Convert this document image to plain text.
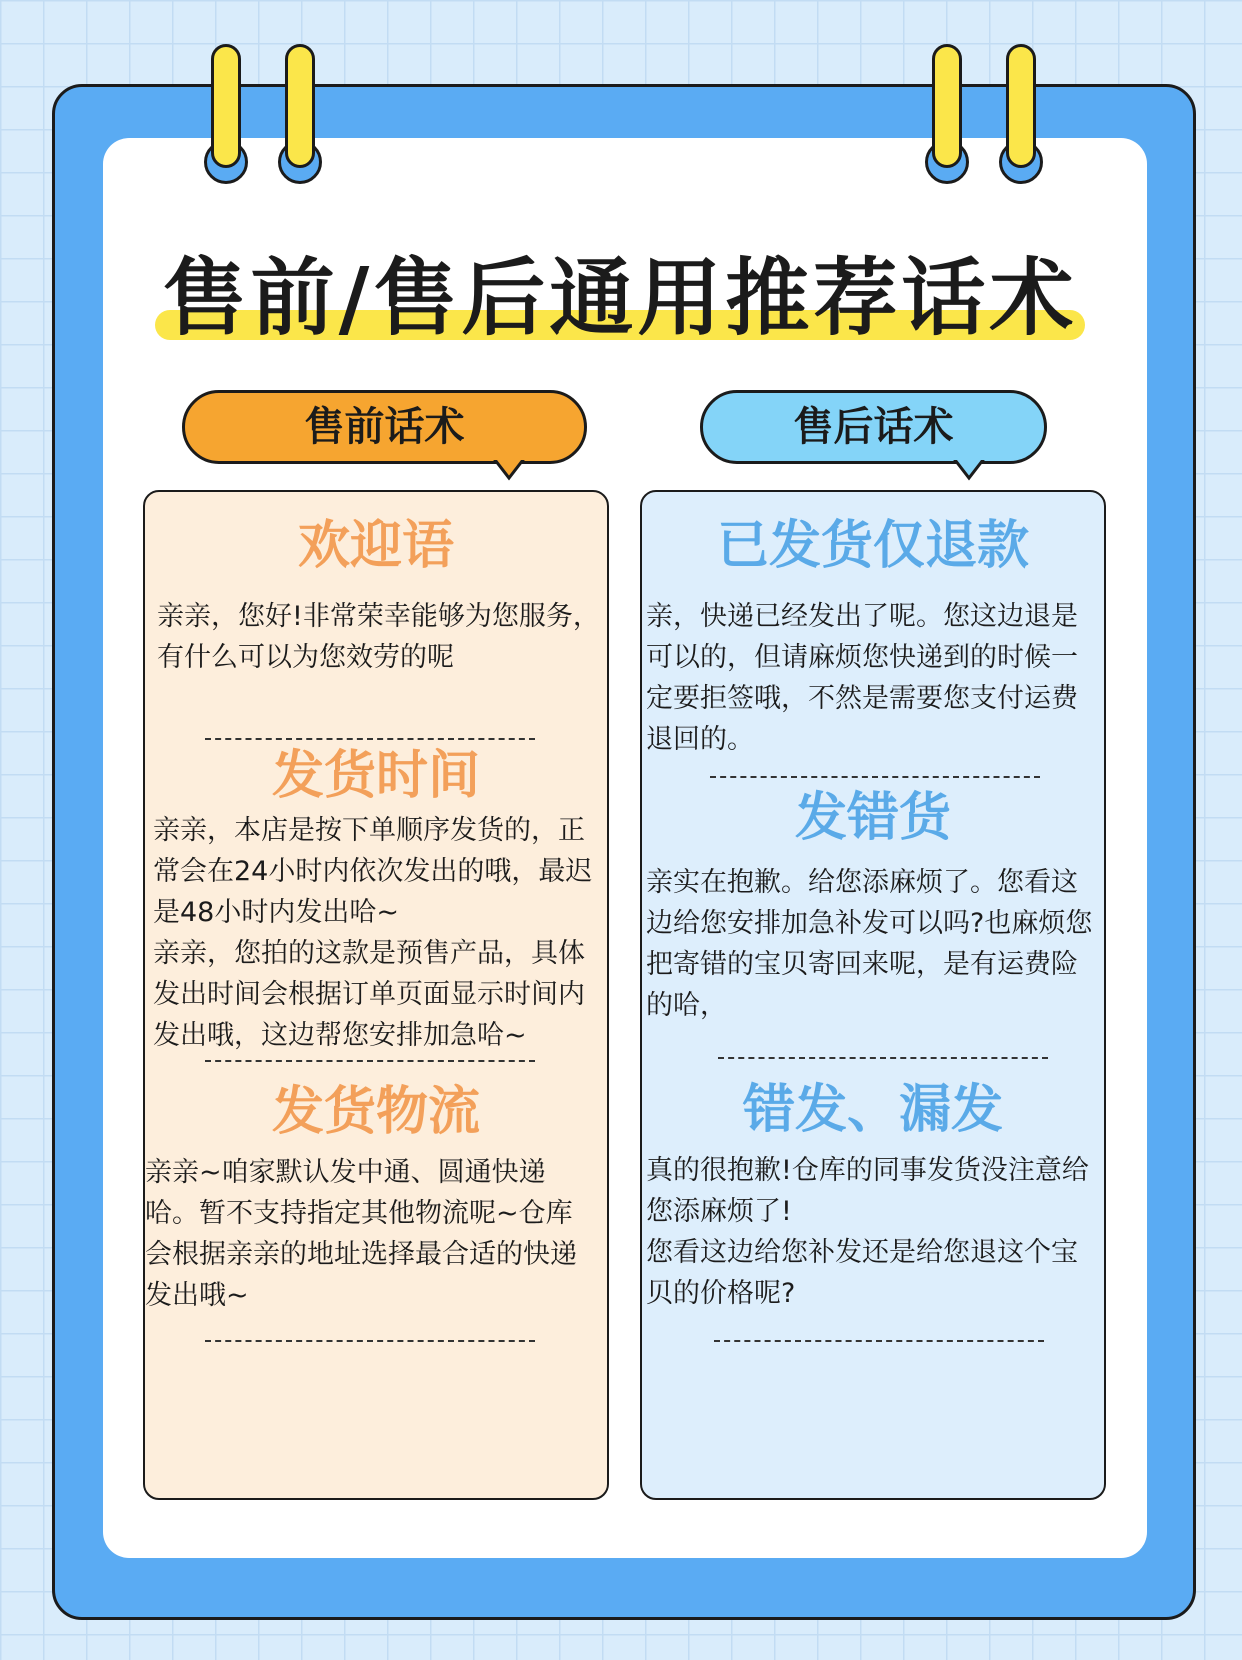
售前/售后通用推荐话术
售前话术	售后话术
欢迎语

亲亲，您好!非常荣幸能够为您服务，
有什么可以为您效劳的呢

发货时间

亲亲，本店是按下单顺序发货的，正常会在24小时内依次发出的哦，最迟是48小时内发出哈~
亲亲，您拍的这款是预售产品，具体发出时间会根据订单页面显示时间内发出哦，这边帮您安排加急哈~

发货物流

亲亲~咱家默认发中通、圆通快递哈。暂不支持指定其他物流呢~仓库会根据亲亲的地址选择最合适的快递发出哦~

已发货仅退款

亲，快递已经发出了呢。您这边退是可以的，但请麻烦您快递到的时候一定要拒签哦，不然是需要您支付运费退回的。

发错货

亲实在抱歉。给您添麻烦了。您看这边给您安排加急补发可以吗?也麻烦您把寄错的宝贝寄回来呢，是有运费险的哈，

错发、漏发

真的很抱歉!仓库的同事发货没注意给您添麻烦了!
您看这边给您补发还是给您退这个宝贝的价格呢?
